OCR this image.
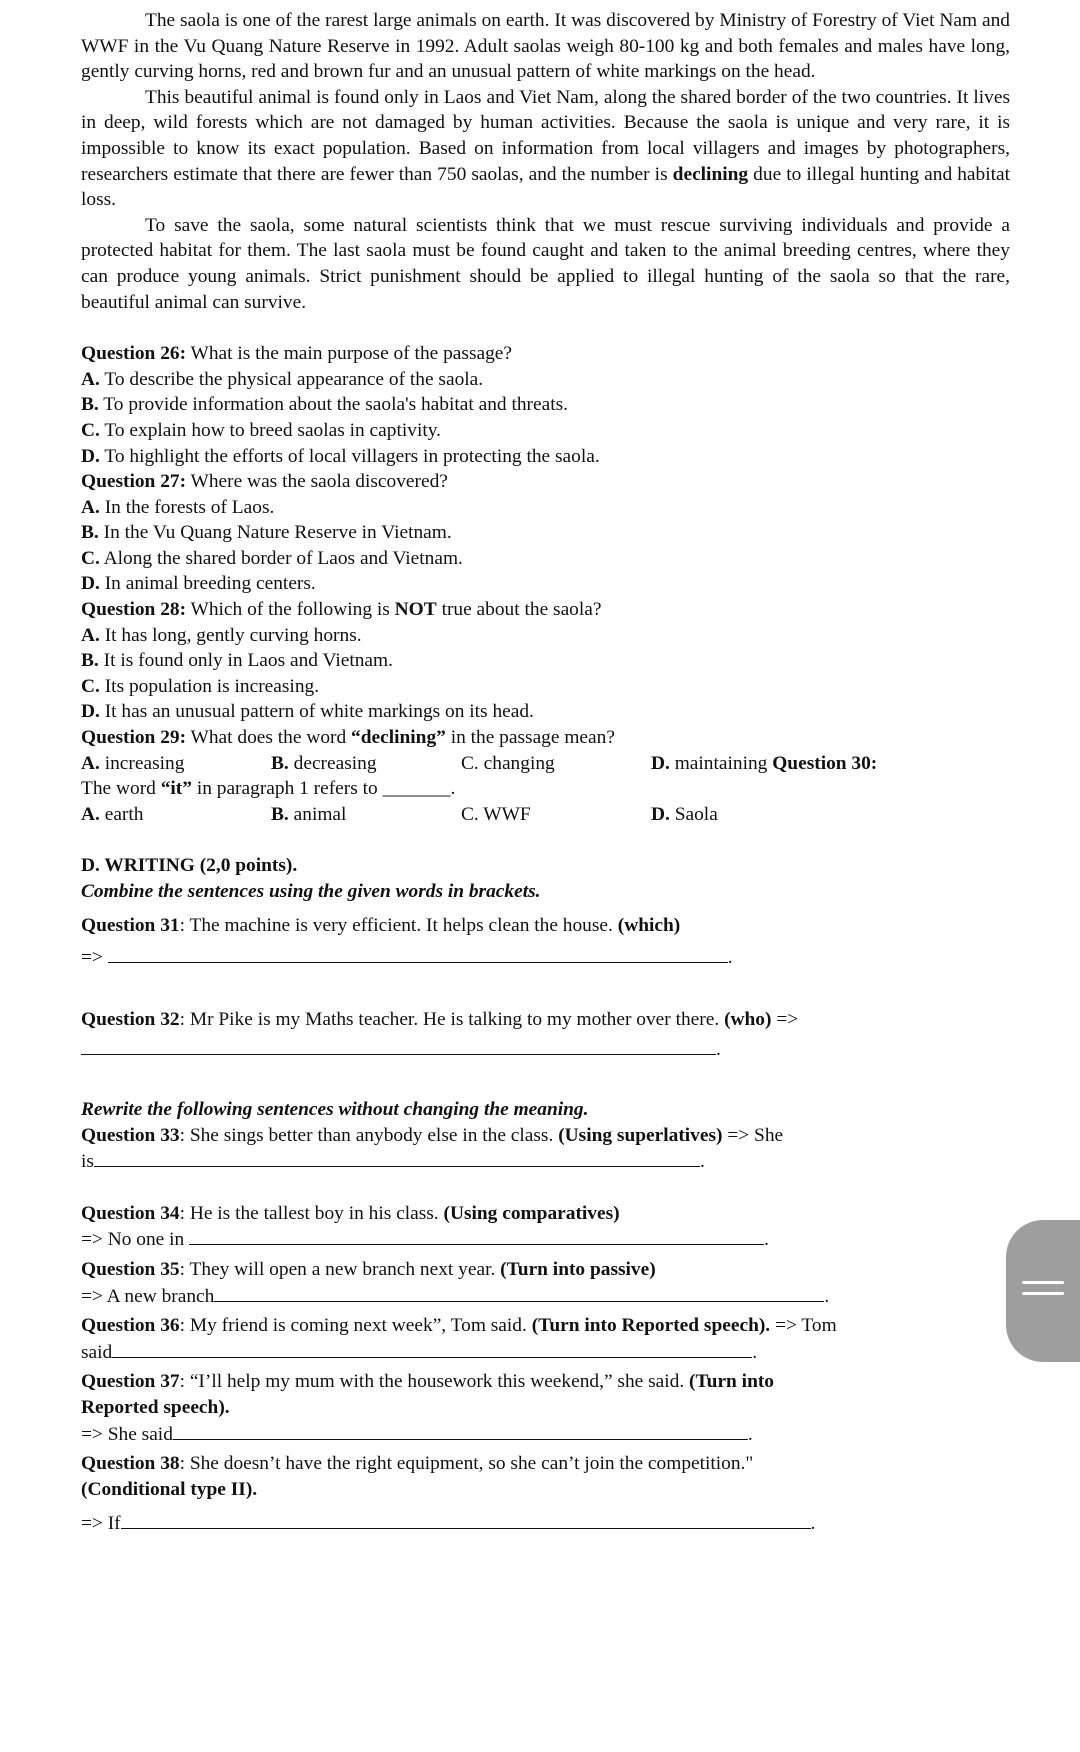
The saola is one of the rarest large animals on earth. It was discovered by Ministry of Forestry of Viet Nam and WWF in the Vu Quang Nature Reserve in 1992. Adult saolas weigh 80-100 kg and both females and males have long, gently curving horns, red and brown fur and an unusual pattern of white markings on the head.

This beautiful animal is found only in Laos and Viet Nam, along the shared border of the two countries. It lives in deep, wild forests which are not damaged by human activities. Because the saola is unique and very rare, it is impossible to know its exact population. Based on information from local villagers and images by photographers, researchers estimate that there are fewer than 750 saolas, and the number is declining due to illegal hunting and habitat loss.

To save the saola, some natural scientists think that we must rescue surviving individuals and provide a protected habitat for them. The last saola must be found caught and taken to the animal breeding centres, where they can produce young animals. Strict punishment should be applied to illegal hunting of the saola so that the rare, beautiful animal can survive.

Question 26: What is the main purpose of the passage?

A. To describe the physical appearance of the saola.

B. To provide information about the saola's habitat and threats.

C. To explain how to breed saolas in captivity.

D. To highlight the efforts of local villagers in protecting the saola.

Question 27: Where was the saola discovered?

A. In the forests of Laos.

B. In the Vu Quang Nature Reserve in Vietnam.

C. Along the shared border of Laos and Vietnam.

D. In animal breeding centers.

Question 28: Which of the following is NOT true about the saola?

A. It has long, gently curving horns.

B. It is found only in Laos and Vietnam.

C. Its population is increasing.

D. It has an unusual pattern of white markings on its head.

Question 29: What does the word “declining” in the passage mean?

A. increasing	B. decreasing	C. changing	D. maintaining Question 30:

The word “it” in paragraph 1 refers to _______.

A. earth	B. animal	C. WWF	D. Saola

D. WRITING (2,0 points).

Combine the sentences using the given words in brackets.

Question 31: The machine is very efficient. It helps clean the house. (which)

=>	.

Question 32: Mr Pike is my Maths teacher. He is talking to my mother over there. (who) =>

.

Rewrite the following sentences without changing the meaning.

Question 33: She sings better than anybody else in the class. (Using superlatives) => She

is	.

Question 34: He is the tallest boy in his class. (Using comparatives)

=> No one in	.

Question 35: They will open a new branch next year. (Turn into passive)

=> A new branch	.

Question 36: My friend is coming next week”, Tom said. (Turn into Reported speech). => Tom

said	.

Question 37: “I’ll help my mum with the housework this weekend,” she said. (Turn into

Reported speech).

=> She said	.

Question 38: She doesn’t have the right equipment, so she can’t join the competition."

(Conditional type II).

=> If	.
